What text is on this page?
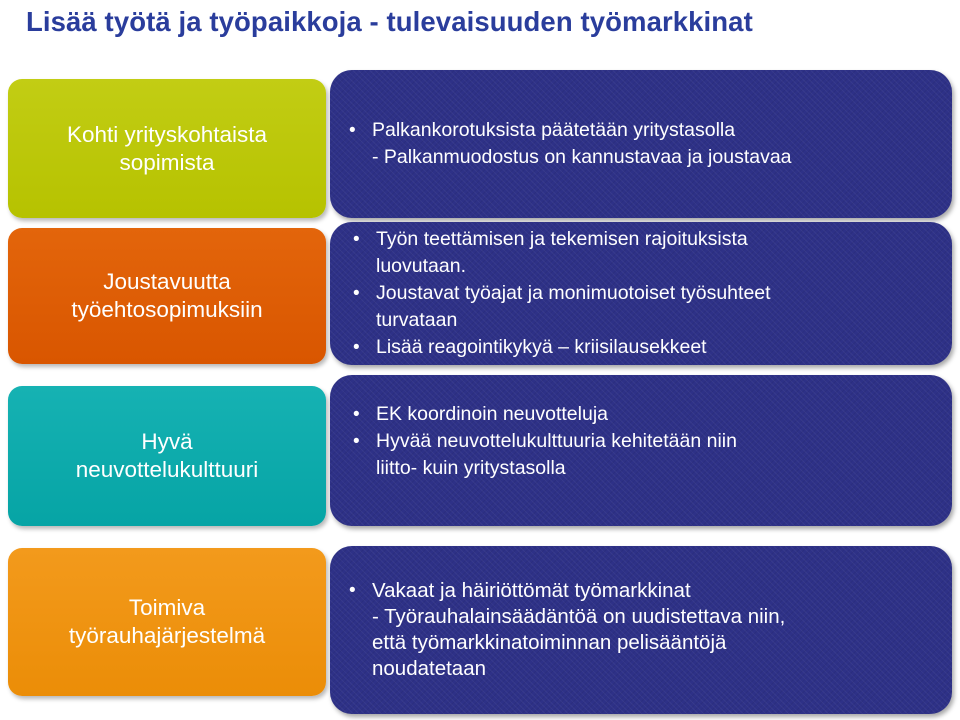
Lisää työtä ja työpaikkoja - tulevaisuuden työmarkkinat
Kohti yrityskohtaista
sopimista
• Palkankorotuksista päätetään yritystasolla
- Palkanmuodostus on kannustavaa ja joustavaa
Joustavuutta
työehtosopimuksiin
• Työn teettämisen ja tekemisen rajoituksista
luovutaan.
• Joustavat työajat ja monimuotoiset työsuhteet
turvataan
• Lisää reagointikykyä – kriisilausekkeet
Hyvä
neuvottelukulttuuri
• EK koordinoin neuvotteluja
• Hyvää neuvottelukulttuuria kehitetään niin
liitto- kuin yritystasolla
Toimiva
työrauhajärjestelmä
• Vakaat ja häiriöttömät työmarkkinat
- Työrauhalainsäädäntöä on uudistettava niin,
että työmarkkinatoiminnan pelisääntöjä
noudatetaan
